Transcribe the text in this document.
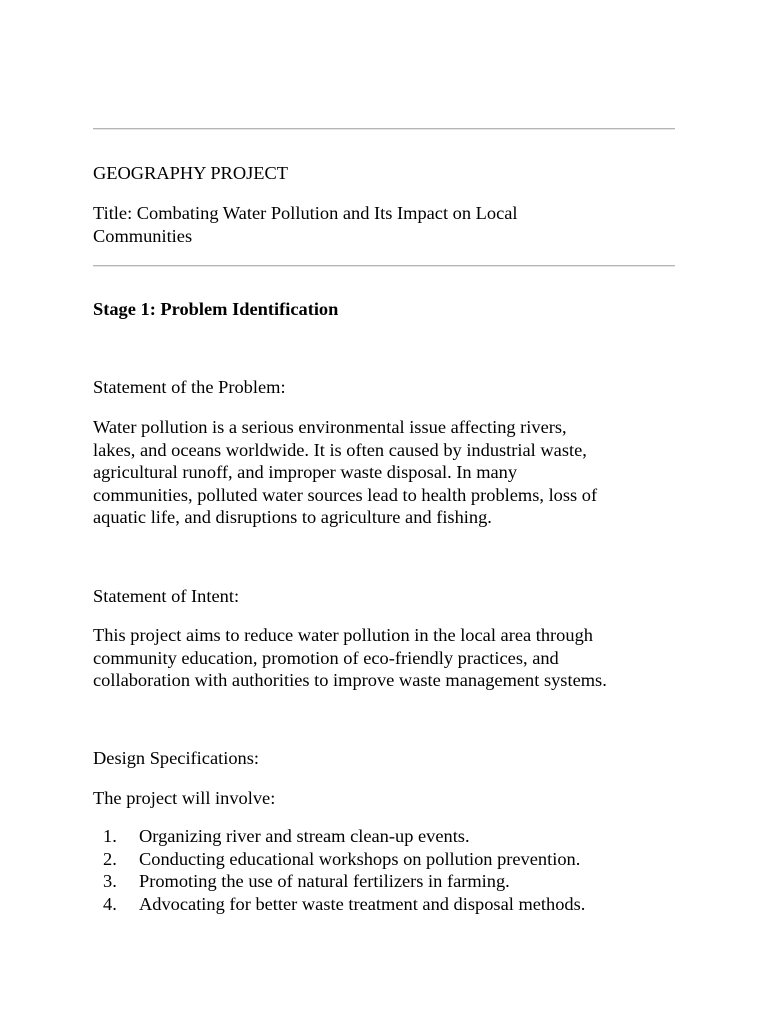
GEOGRAPHY PROJECT
Title: Combating Water Pollution and Its Impact on Local
Communities
Stage 1: Problem Identification
Statement of the Problem:
Water pollution is a serious environmental issue affecting rivers,
lakes, and oceans worldwide. It is often caused by industrial waste,
agricultural runoff, and improper waste disposal. In many
communities, polluted water sources lead to health problems, loss of
aquatic life, and disruptions to agriculture and fishing.
Statement of Intent:
This project aims to reduce water pollution in the local area through
community education, promotion of eco-friendly practices, and
collaboration with authorities to improve waste management systems.
Design Specifications:
The project will involve:
1. Organizing river and stream clean-up events.
2. Conducting educational workshops on pollution prevention.
3. Promoting the use of natural fertilizers in farming.
4. Advocating for better waste treatment and disposal methods.
